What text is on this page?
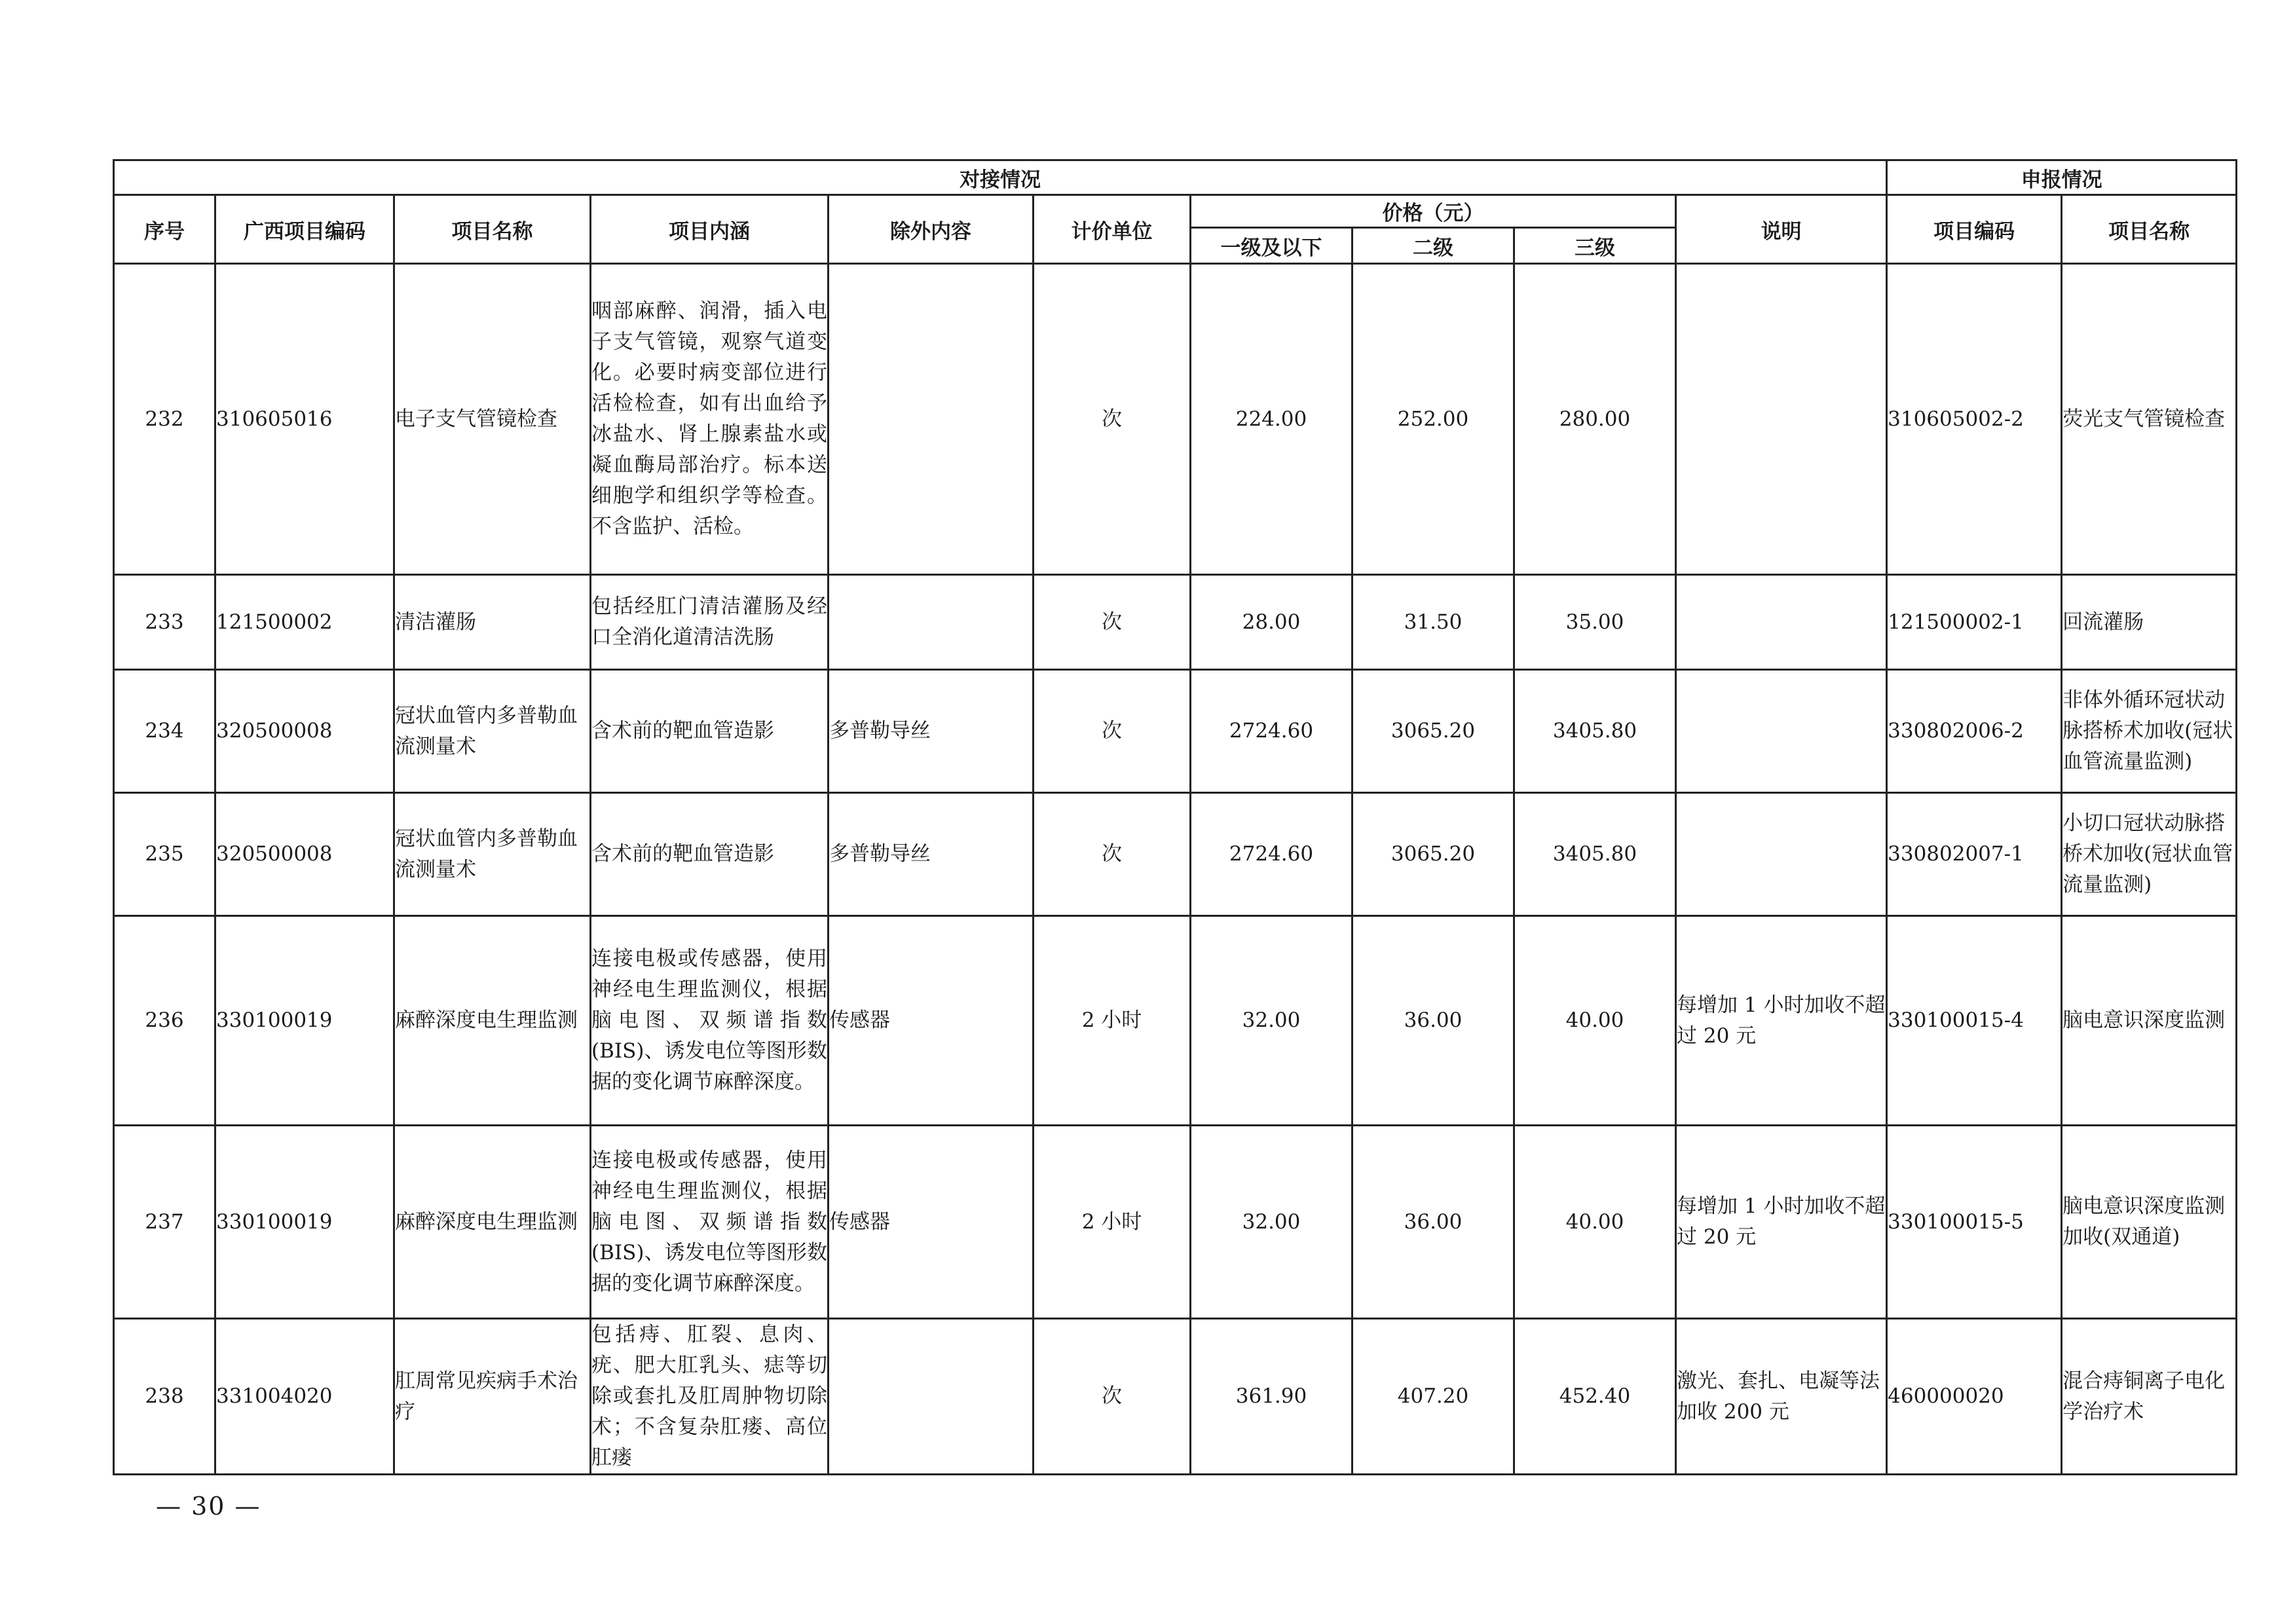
对接情况										申报情况	
序号	广西项目编码	项目名称	项目内涵	除外内容	计价单位	价格（元）			说明	项目编码	项目名称
						一级及以下	二级	三级			
232	310605016	电子支气管镜检查	咽部麻醉、润滑，插入电子支气管镜，观察气道变化。必要时病变部位进行活检检查，如有出血给予冰盐水、肾上腺素盐水或凝血酶局部治疗。标本送细胞学和组织学等检查。不含监护、活检。		次	224.00	252.00	280.00		310605002-2	荧光支气管镜检查
233	121500002	清洁灌肠	包括经肛门清洁灌肠及经口全消化道清洁洗肠		次	28.00	31.50	35.00		121500002-1	回流灌肠
234	320500008	冠状血管内多普勒血流测量术	含术前的靶血管造影	多普勒导丝	次	2724.60	3065.20	3405.80		330802006-2	非体外循环冠状动脉搭桥术加收(冠状血管流量监测)
235	320500008	冠状血管内多普勒血流测量术	含术前的靶血管造影	多普勒导丝	次	2724.60	3065.20	3405.80		330802007-1	小切口冠状动脉搭桥术加收(冠状血管流量监测)
236	330100019	麻醉深度电生理监测	连接电极或传感器，使用神经电生理监测仪，根据脑电图、双频谱指数(BIS)、诱发电位等图形数据的变化调节麻醉深度。	传感器	2 小时	32.00	36.00	40.00	每增加 1 小时加收不超过 20 元	330100015-4	脑电意识深度监测
237	330100019	麻醉深度电生理监测	连接电极或传感器，使用神经电生理监测仪，根据脑电图、双频谱指数(BIS)、诱发电位等图形数据的变化调节麻醉深度。	传感器	2 小时	32.00	36.00	40.00	每增加 1 小时加收不超过 20 元	330100015-5	脑电意识深度监测加收(双通道)
238	331004020	肛周常见疾病手术治疗	包括痔、肛裂、息肉、疣、肥大肛乳头、痣等切除或套扎及肛周肿物切除术；不含复杂肛瘘、高位肛瘘		次	361.90	407.20	452.40	激光、套扎、电凝等法加收 200 元	460000020	混合痔铜离子电化学治疗术
— 30 —
